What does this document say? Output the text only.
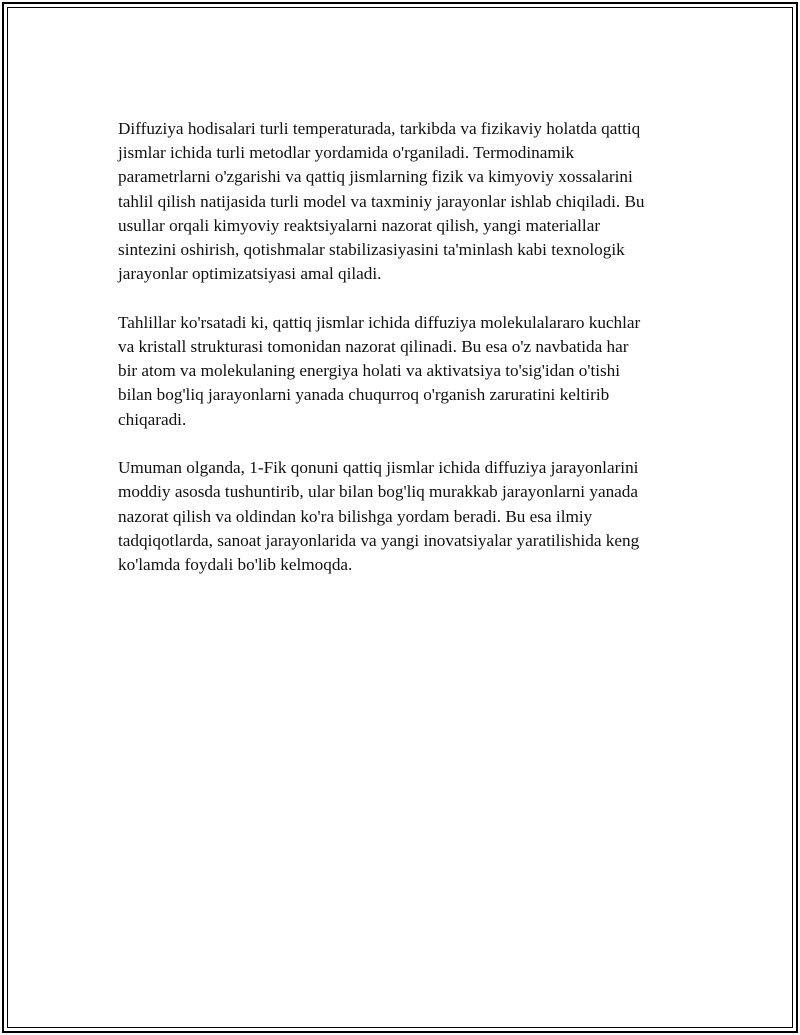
Diffuziya hodisalari turli temperaturada, tarkibda va fizikaviy holatda qattiq
jismlar ichida turli metodlar yordamida o'rganiladi. Termodinamik
parametrlarni o'zgarishi va qattiq jismlarning fizik va kimyoviy xossalarini
tahlil qilish natijasida turli model va taxminiy jarayonlar ishlab chiqiladi. Bu
usullar orqali kimyoviy reaktsiyalarni nazorat qilish, yangi materiallar
sintezini oshirish, qotishmalar stabilizasiyasini ta'minlash kabi texnologik
jarayonlar optimizatsiyasi amal qiladi.

Tahlillar ko'rsatadi ki, qattiq jismlar ichida diffuziya molekulalararo kuchlar
va kristall strukturasi tomonidan nazorat qilinadi. Bu esa o'z navbatida har
bir atom va molekulaning energiya holati va aktivatsiya to'sig'idan o'tishi
bilan bog'liq jarayonlarni yanada chuqurroq o'rganish zaruratini keltirib
chiqaradi.

Umuman olganda, 1-Fik qonuni qattiq jismlar ichida diffuziya jarayonlarini
moddiy asosda tushuntirib, ular bilan bog'liq murakkab jarayonlarni yanada
nazorat qilish va oldindan ko'ra bilishga yordam beradi. Bu esa ilmiy
tadqiqotlarda, sanoat jarayonlarida va yangi inovatsiyalar yaratilishida keng
ko'lamda foydali bo'lib kelmoqda.
